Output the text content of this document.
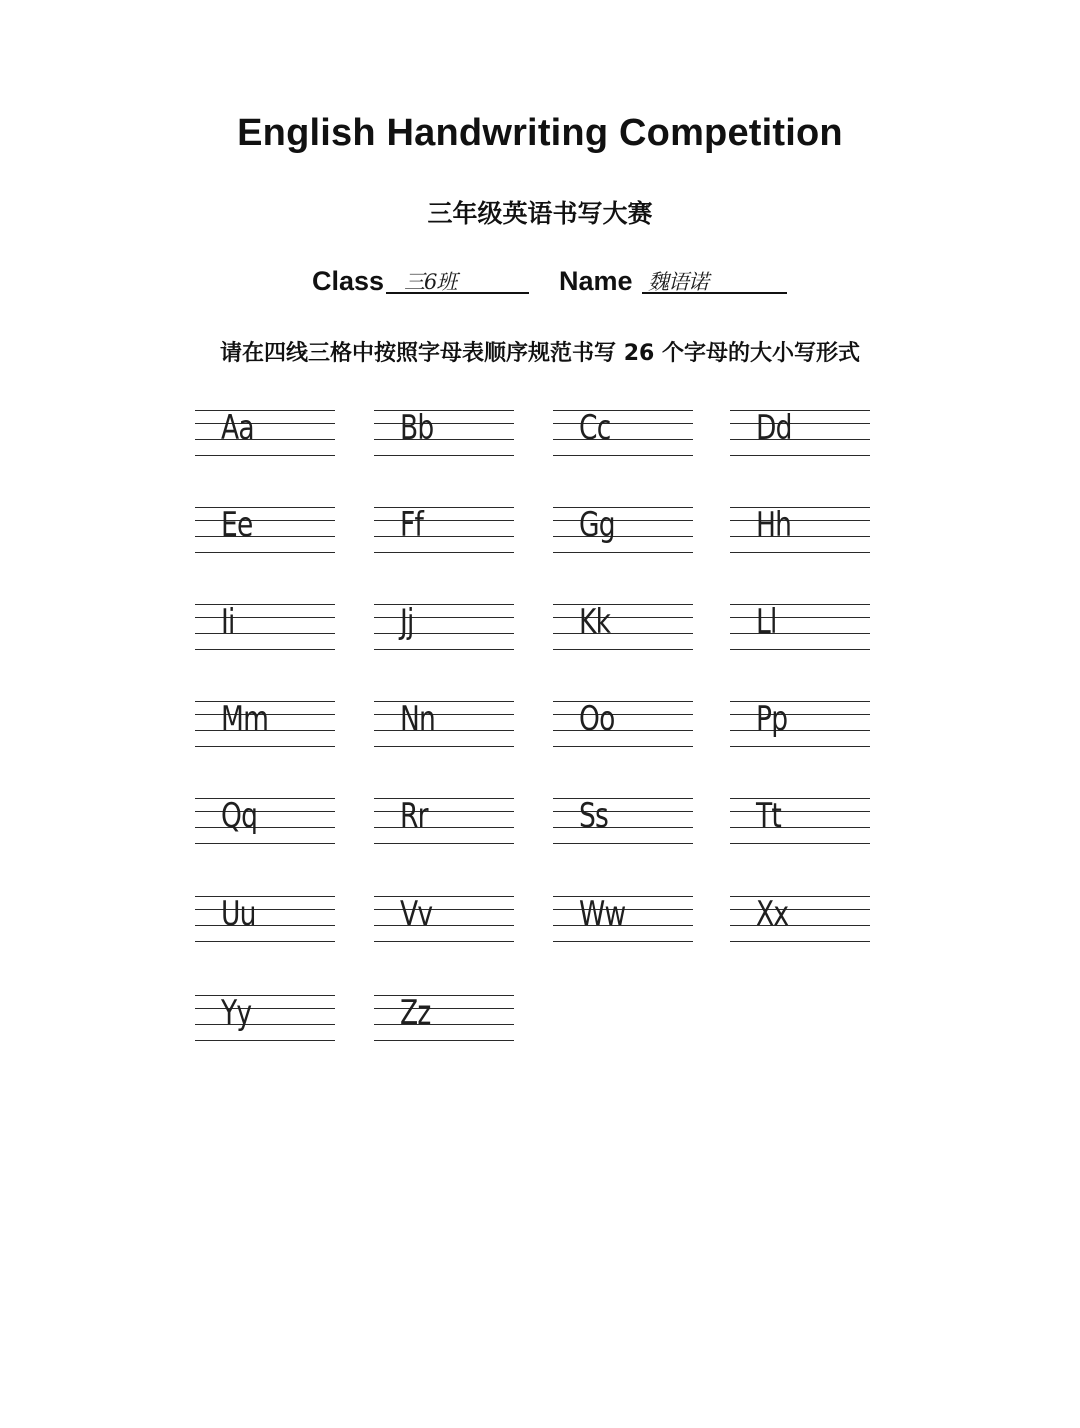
English Handwriting Competition
三年级英语书写大赛
Class 三6班	Name 魏语诺

请在四线三格中按照字母表顺序规范书写 26 个字母的大小写形式

Aa	Bb	Cc	Dd
Ee	Ff	Gg	Hh
Ii	Jj	Kk	Ll
Mm	Nn	Oo	Pp
Qq	Rr	Ss	Tt
Uu	Vv	Ww	Xx
Yy	Zz
